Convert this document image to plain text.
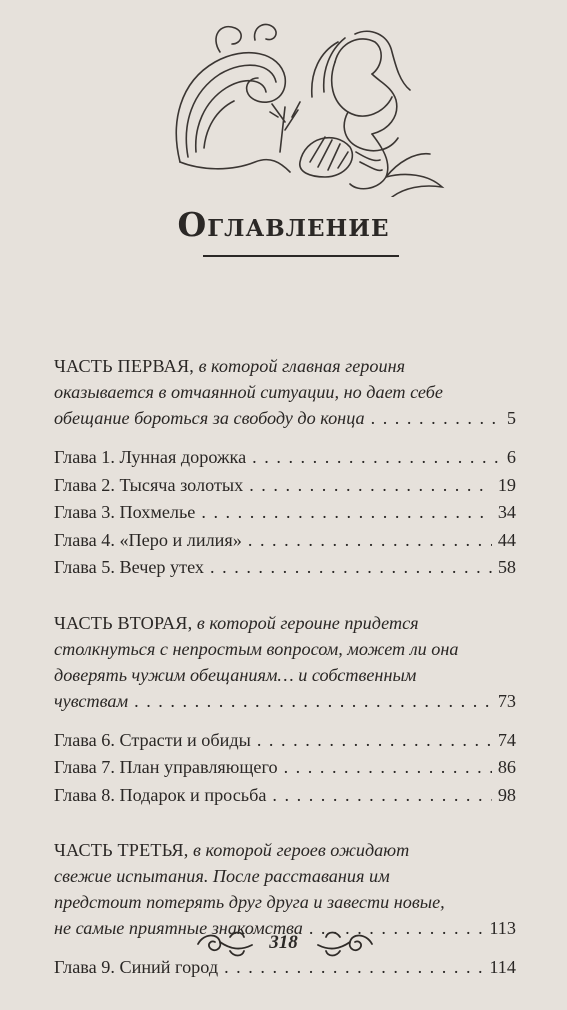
Оглавление
ЧАСТЬ ПЕРВАЯ, в которой главная героиня
оказывается в отчаянной ситуации, но дает себе
обещание бороться за свободу до конца . . .	5
Глава 1. Лунная дорожка . . .	6
Глава 2. Тысяча золотых . . .	19
Глава 3. Похмелье . . .	34
Глава 4. «Перо и лилия» . . .	44
Глава 5. Вечер утех . . .	58
ЧАСТЬ ВТОРАЯ, в которой героине придется
столкнуться с непростым вопросом, может ли она
доверять чужим обещаниям… и собственным
чувствам . . .	73
Глава 6. Страсти и обиды . . .	74
Глава 7. План управляющего . . .	86
Глава 8. Подарок и просьба . . .	98
ЧАСТЬ ТРЕТЬЯ, в которой героев ожидают
свежие испытания. После расставания им
предстоит потерять друг друга и завести новые,
не самые приятные знакомства . . .	113
Глава 9. Синий город . . .	114
318
